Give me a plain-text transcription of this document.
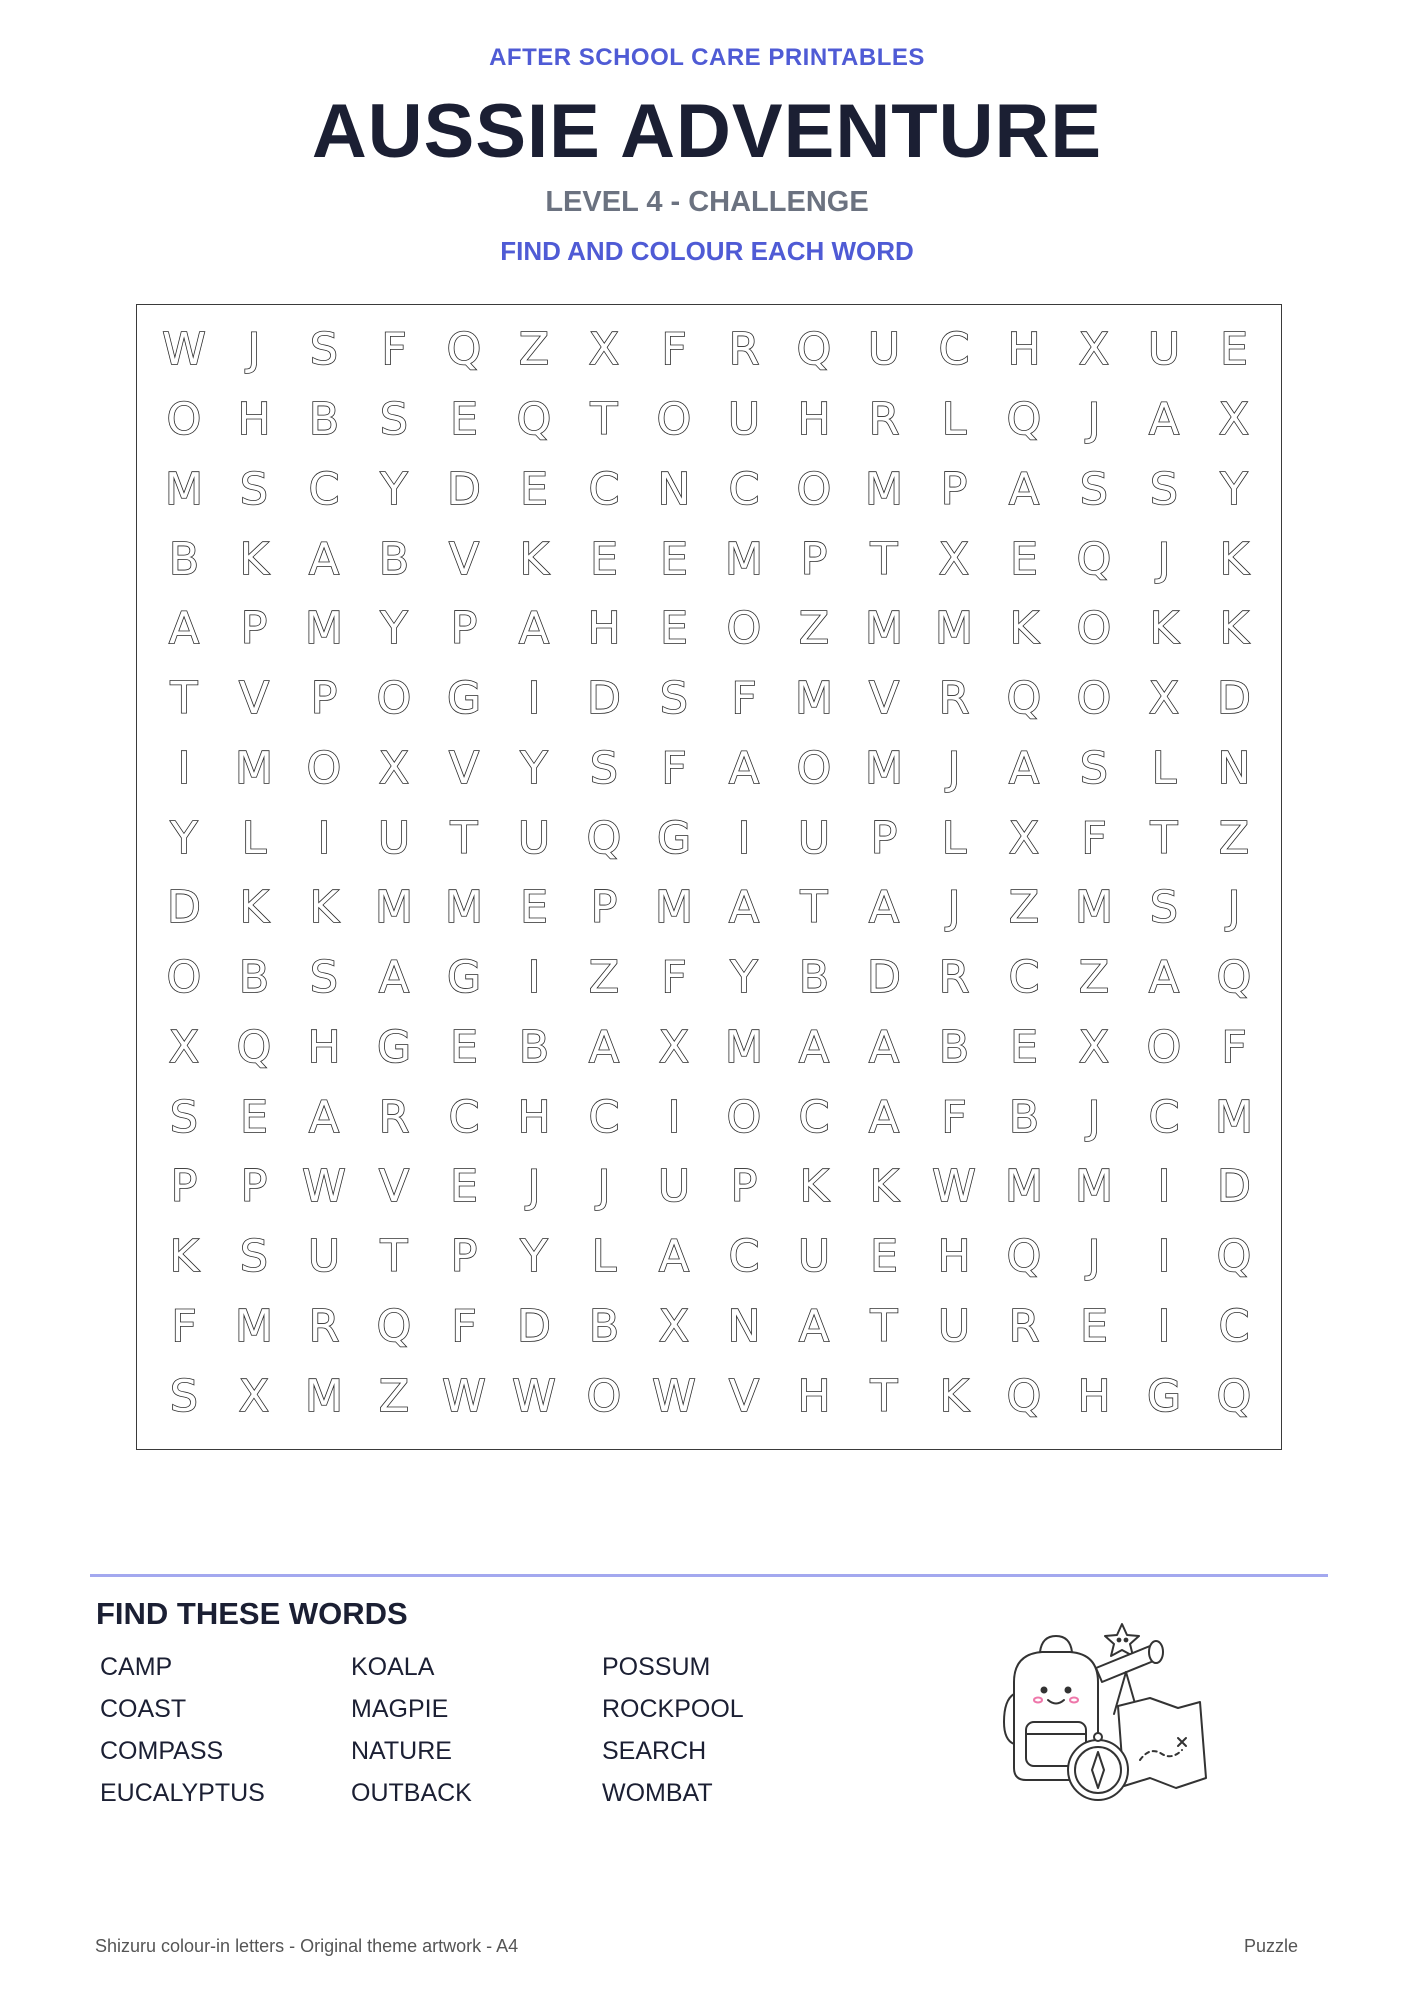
AFTER SCHOOL CARE PRINTABLES
AUSSIE ADVENTURE
LEVEL 4 - CHALLENGE
FIND AND COLOUR EACH WORD
W J	S F Q Z X F R Q U C H X U E
O H B S E Q T O U H R L Q	J	A X
M S C Y D E C N C O M P A S S Y
B K A B V K E E M P T X E Q	J	K
A P M Y P A H E O Z M M K O K K
T V P O G	I	D S F M V R Q O X D
I	M O X V Y S F A O M	J	A S L N
Y	L	I	U T U Q G	I	U P	L X F T Z
D K K M M E P M A T A	J	Z M S	J
O B S A G	I	Z F Y B D R C Z A Q
X Q H G E B A X M A A B E X O F
S E A R C H C	I	O C A F B	J	C M
P P W V E	J	J	U P K K W M M	I	D
K S U T P Y	L A C U E H Q	J	I	Q
F M R Q F D B X N A T U R E	I	C
S X M Z W W O W V H T K Q H G Q
FIND THESE WORDS
CAMP
COAST
COMPASS
EUCALYPTUS
KOALA
MAGPIE
NATURE
OUTBACK
POSSUM
ROCKPOOL
SEARCH
WOMBAT
Shizuru colour-in letters - Original theme artwork - A4	Puzzle
